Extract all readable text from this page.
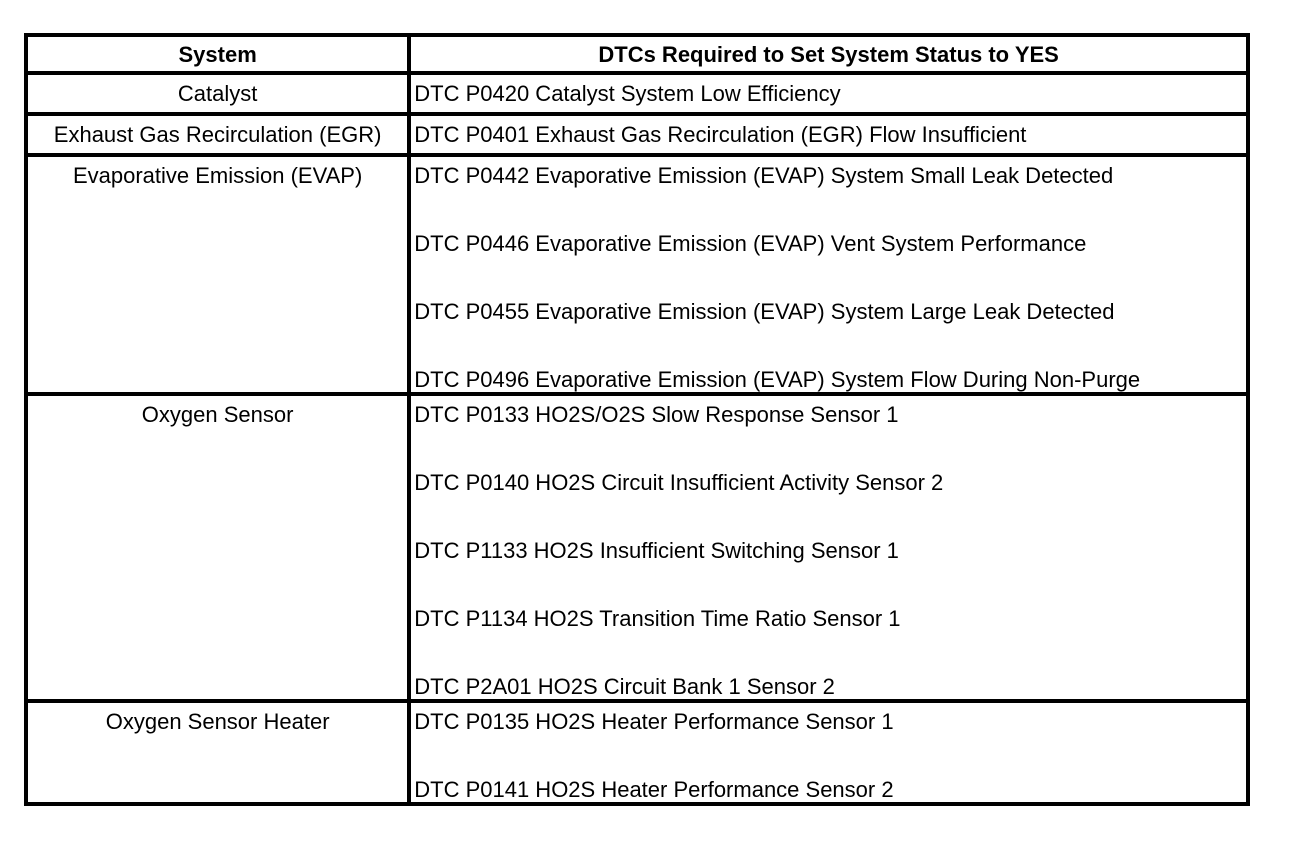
System	DTCs Required to Set System Status to YES
Catalyst	DTC P0420 Catalyst System Low Efficiency

Exhaust Gas Recirculation (EGR)	DTC P0401 Exhaust Gas Recirculation (EGR) Flow Insufficient

Evaporative Emission (EVAP)	DTC P0442 Evaporative Emission (EVAP) System Small Leak Detected
DTC P0446 Evaporative Emission (EVAP) Vent System Performance
DTC P0455 Evaporative Emission (EVAP) System Large Leak Detected
DTC P0496 Evaporative Emission (EVAP) System Flow During Non-Purge

Oxygen Sensor	DTC P0133 HO2S/O2S Slow Response Sensor 1
DTC P0140 HO2S Circuit Insufficient Activity Sensor 2
DTC P1133 HO2S Insufficient Switching Sensor 1
DTC P1134 HO2S Transition Time Ratio Sensor 1
DTC P2A01 HO2S Circuit Bank 1 Sensor 2

Oxygen Sensor Heater	DTC P0135 HO2S Heater Performance Sensor 1
DTC P0141 HO2S Heater Performance Sensor 2
